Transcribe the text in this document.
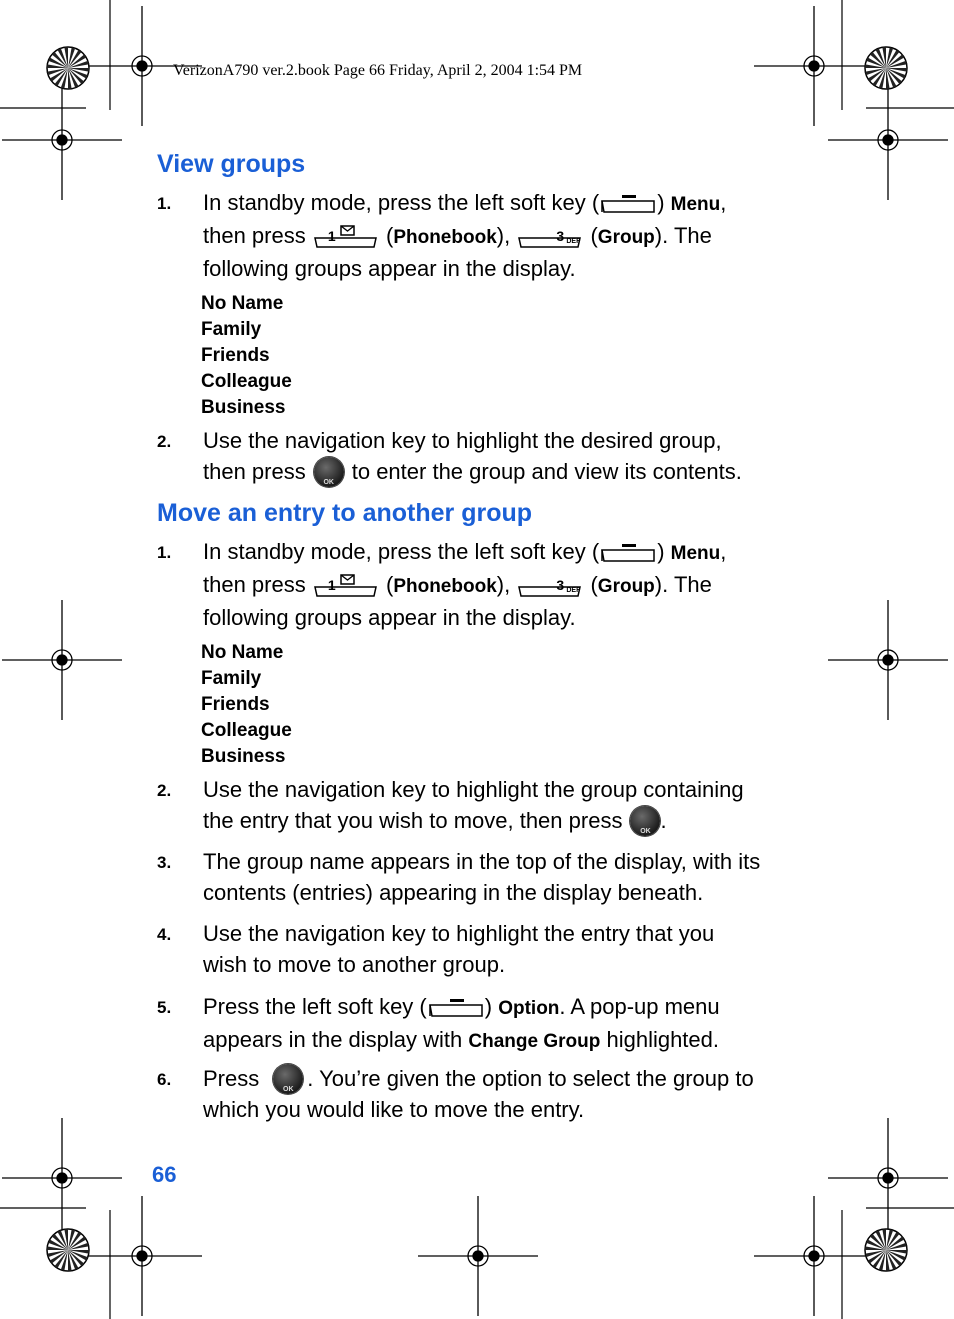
VerizonA790 ver.2.book Page 66 Friday, April 2, 2004 1:54 PM
View groups
1. In standby mode, press the left soft key (	) Menu,
then press 1 (Phonebook),	3 DEF (Group). The
following groups appear in the display.
No Name
Family
Friends
Colleague
Business
2. Use the navigation key to highlight the desired group,
then press	OK to enter the group and view its contents.
Move an entry to another group
1. In standby mode, press the left soft key (	) Menu,
then press 1 (Phonebook),	3 DEF (Group). The
following groups appear in the display.
No Name
Family
Friends
Colleague
Business
2. Use the navigation key to highlight the group containing
the entry that you wish to move, then press	OK .
3. The group name appears in the top of the display, with its
contents (entries) appearing in the display beneath.
4. Use the navigation key to highlight the entry that you
wish to move to another group.
5. Press the left soft key (	) Option. A pop-up menu
appears in the display with Change Group highlighted.
6. Press	OK . You’re given the option to select the group to
which you would like to move the entry.
66
